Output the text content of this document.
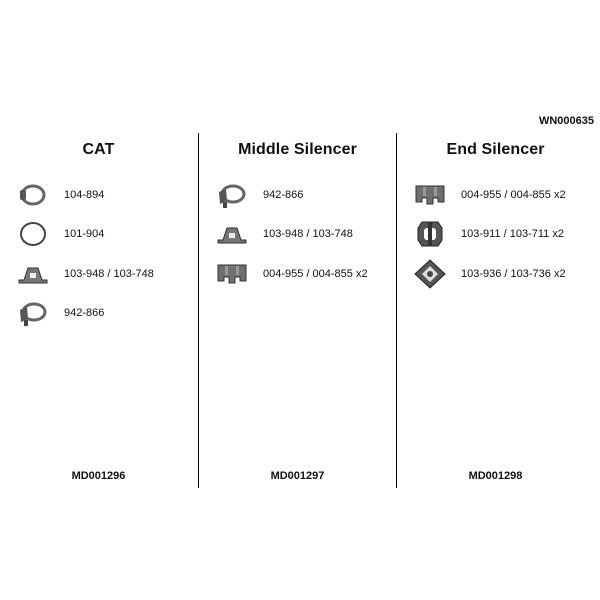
WN000635
CAT
104-894
101-904
103-948 / 103-748
942-866
MD001296
Middle Silencer
942-866
103-948 / 103-748
004-955 / 004-855 x2
MD001297
End Silencer
004-955 / 004-855 x2
103-911 / 103-711 x2
103-936 / 103-736 x2
MD001298
